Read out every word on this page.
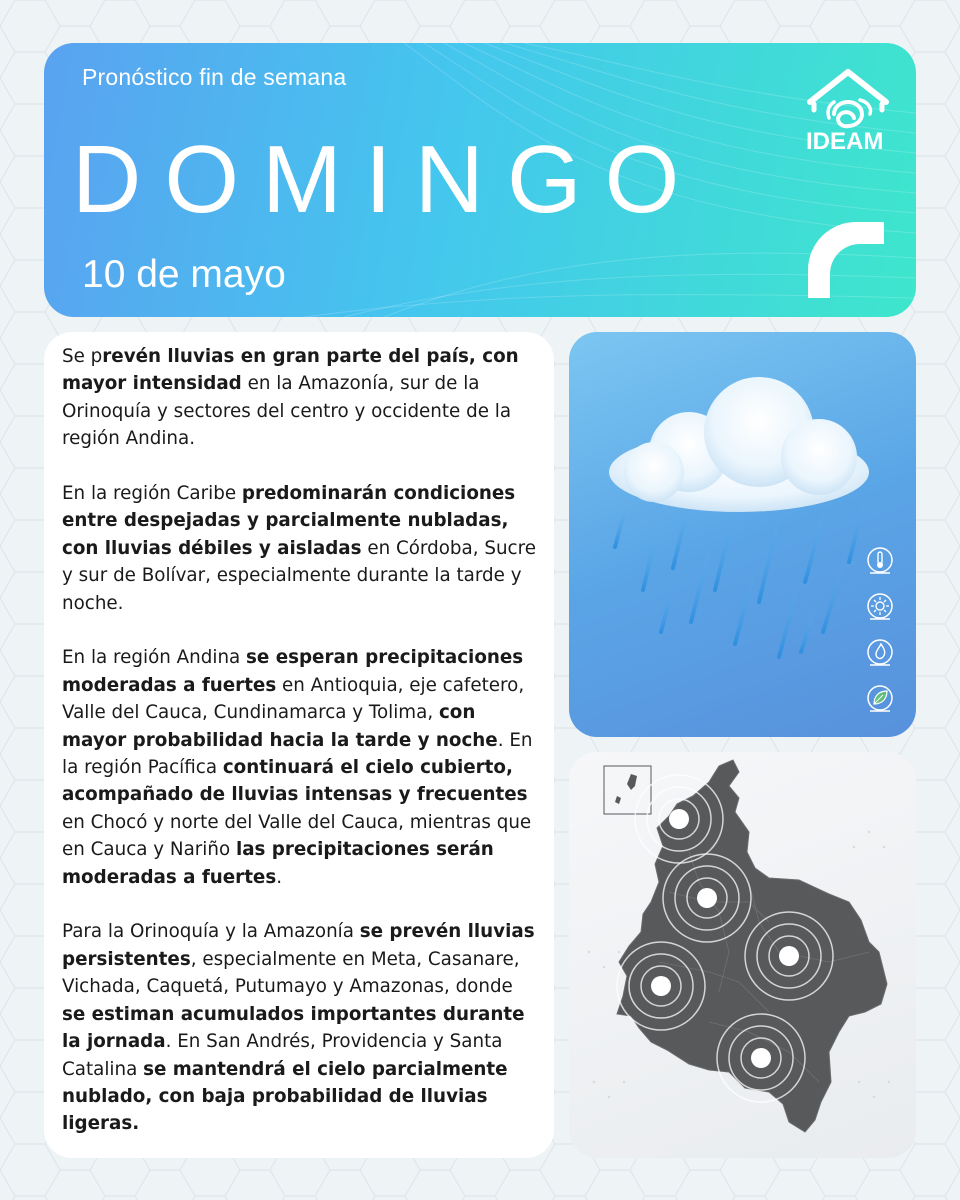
Pronóstico fin de semana
DOMINGO
10 de mayo
IDEAM

Se prevén lluvias en gran parte del país, con mayor intensidad en la Amazonía, sur de la Orinoquía y sectores del centro y occidente de la región Andina.

En la región Caribe predominarán condiciones entre despejadas y parcialmente nubladas, con lluvias débiles y aisladas en Córdoba, Sucre y sur de Bolívar, especialmente durante la tarde y noche.

En la región Andina se esperan precipitaciones moderadas a fuertes en Antioquia, eje cafetero, Valle del Cauca, Cundinamarca y Tolima, con mayor probabilidad hacia la tarde y noche. En la región Pacífica continuará el cielo cubierto, acompañado de lluvias intensas y frecuentes en Chocó y norte del Valle del Cauca, mientras que en Cauca y Nariño las precipitaciones serán moderadas a fuertes.

Para la Orinoquía y la Amazonía se prevén lluvias persistentes, especialmente en Meta, Casanare, Vichada, Caquetá, Putumayo y Amazonas, donde se estiman acumulados importantes durante la jornada. En San Andrés, Providencia y Santa Catalina se mantendrá el cielo parcialmente nublado, con baja probabilidad de lluvias ligeras.
